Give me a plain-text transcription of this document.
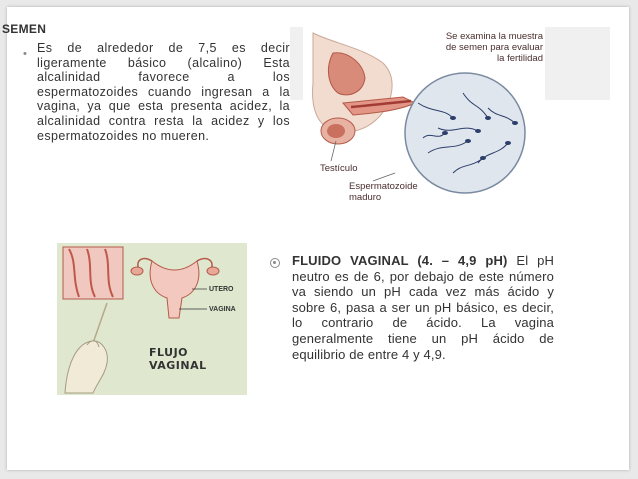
SEMEN
• Es de alrededor de 7,5 es decir ligeramente básico (alcalino) Esta alcalinidad favorece a los espermatozoides cuando ingresan a la vagina, ya que esta presenta acidez, la alcalinidad contra resta la acidez y los espermatozoides no mueren.
Se examina la muestra de semen para evaluar la fertilidad
Testículo
Espermatozoide maduro
UTERO
VAGINA
FLUJO VAGINAL
FLUIDO VAGINAL (4. – 4,9 pH) El pH neutro es de 6, por debajo de este número va siendo un pH cada vez más ácido y sobre 6, pasa a ser un pH básico, es decir, lo contrario de ácido. La vagina generalmente tiene un pH ácido de equilibrio de entre 4 y 4,9.
